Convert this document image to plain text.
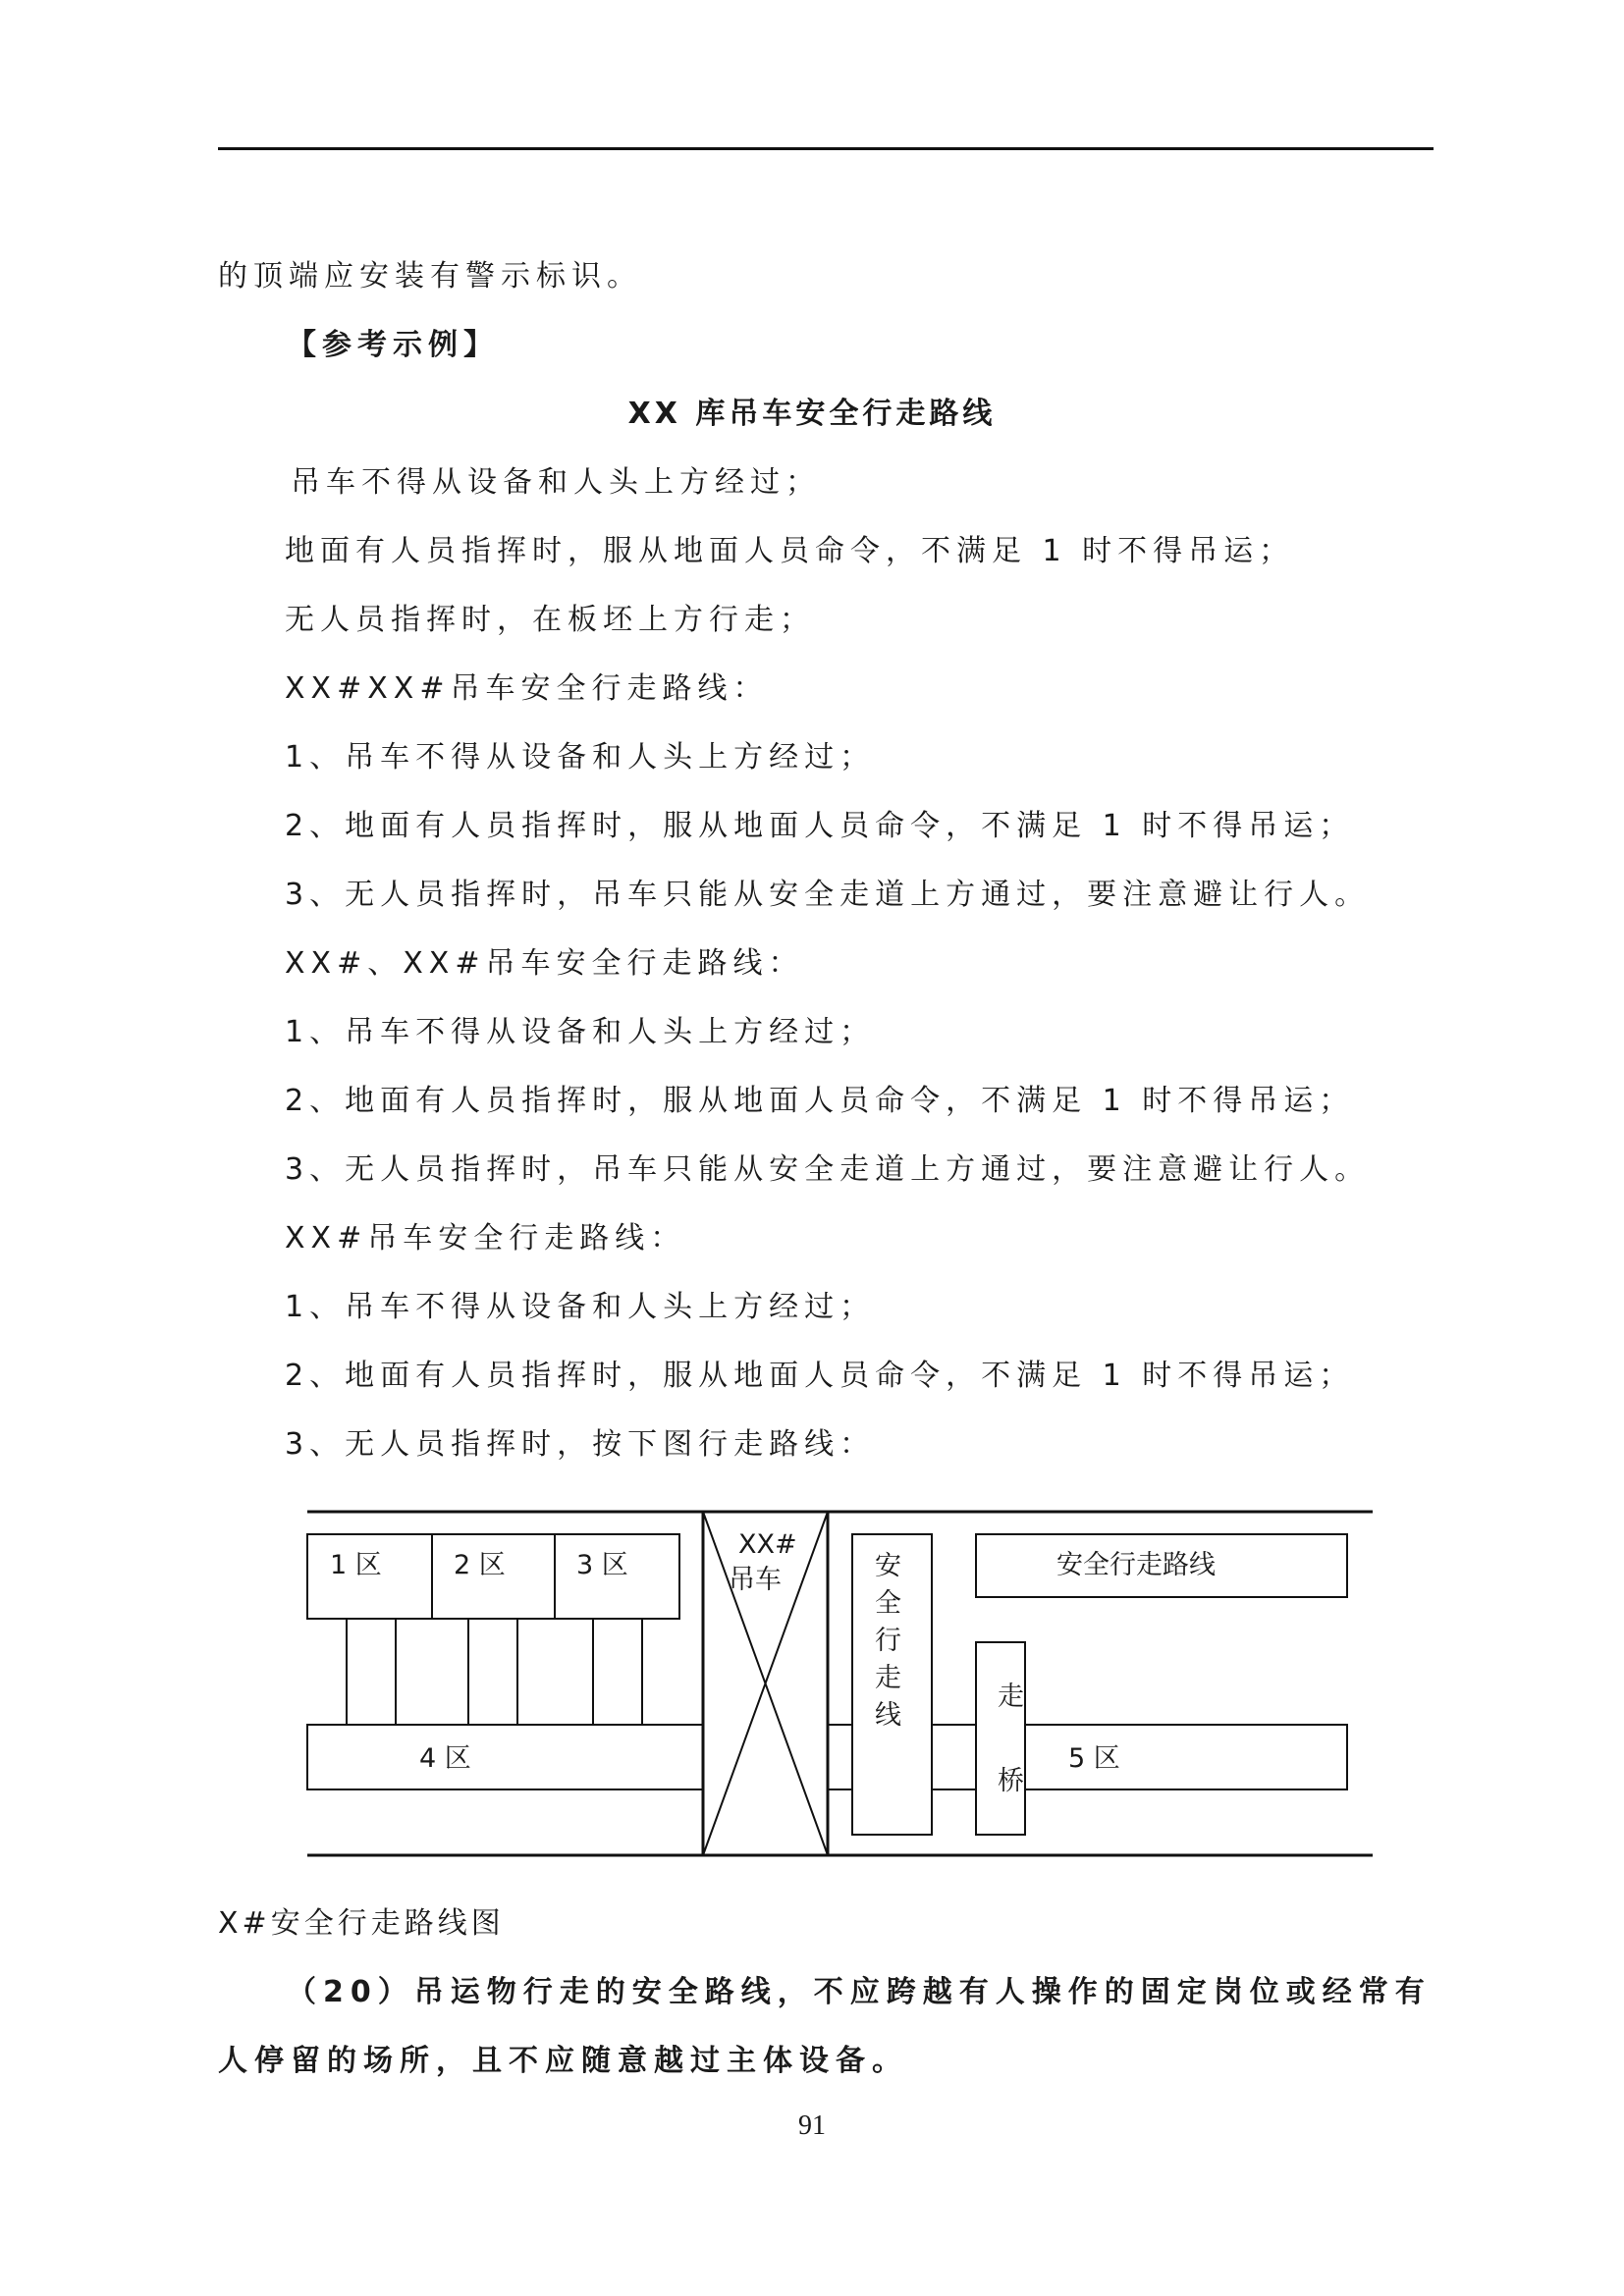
的顶端应安装有警示标识。
【参考示例】
XX 库吊车安全行走路线
吊车不得从设备和人头上方经过；
地面有人员指挥时，服从地面人员命令，不满足 1 时不得吊运；
无人员指挥时，在板坯上方行走；
XX#XX#吊车安全行走路线：
1、吊车不得从设备和人头上方经过；
2、地面有人员指挥时，服从地面人员命令，不满足 1 时不得吊运；
3、无人员指挥时，吊车只能从安全走道上方通过，要注意避让行人。
XX#、XX#吊车安全行走路线：
1、吊车不得从设备和人头上方经过；
2、地面有人员指挥时，服从地面人员命令，不满足 1 时不得吊运；
3、无人员指挥时，吊车只能从安全走道上方通过，要注意避让行人。
XX#吊车安全行走路线：
1、吊车不得从设备和人头上方经过；
2、地面有人员指挥时，服从地面人员命令，不满足 1 时不得吊运；
3、无人员指挥时，按下图行走路线：
1 区	2 区	3 区
4 区	5 区
XX#
吊车	安
全
行
走
线
安全行走路线
走
桥
X#安全行走路线图
（20）吊运物行走的安全路线，不应跨越有人操作的固定岗位或经常有
人停留的场所，且不应随意越过主体设备。
91
